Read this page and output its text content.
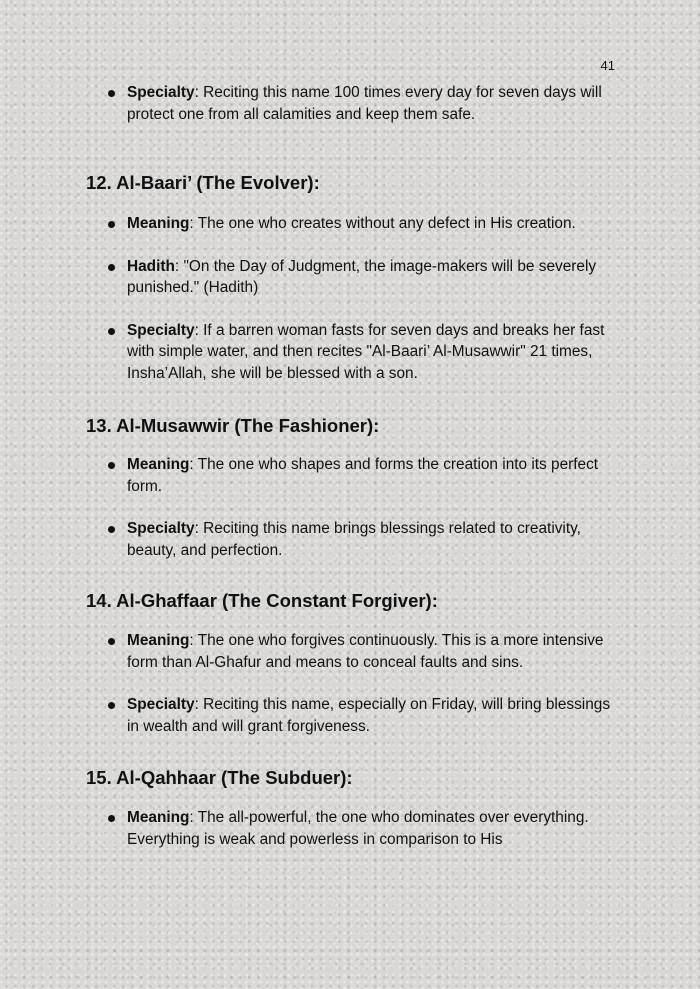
41
Specialty: Reciting this name 100 times every day for seven days will protect one from all calamities and keep them safe.
12. Al-Baari’ (The Evolver):
Meaning: The one who creates without any defect in His creation.
Hadith: "On the Day of Judgment, the image-makers will be severely punished." (Hadith)
Specialty: If a barren woman fasts for seven days and breaks her fast with simple water, and then recites "Al-Baari’ Al-Musawwir" 21 times, Insha’Allah, she will be blessed with a son.
13. Al-Musawwir (The Fashioner):
Meaning: The one who shapes and forms the creation into its perfect form.
Specialty: Reciting this name brings blessings related to creativity, beauty, and perfection.
14. Al-Ghaffaar (The Constant Forgiver):
Meaning: The one who forgives continuously. This is a more intensive form than Al-Ghafur and means to conceal faults and sins.
Specialty: Reciting this name, especially on Friday, will bring blessings in wealth and will grant forgiveness.
15. Al-Qahhaar (The Subduer):
Meaning: The all-powerful, the one who dominates over everything. Everything is weak and powerless in comparison to His
